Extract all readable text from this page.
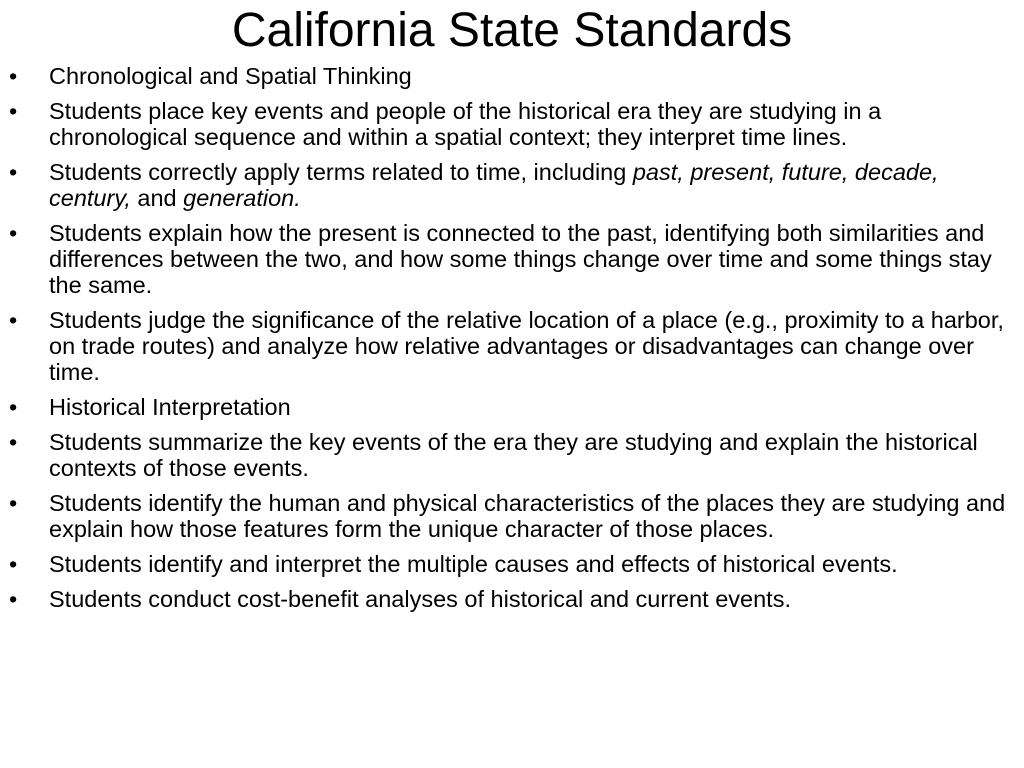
California State Standards
• Chronological and Spatial Thinking
• Students place key events and people of the historical era they are studying in a chronological sequence and within a spatial context; they interpret time lines.
• Students correctly apply terms related to time, including past, present, future, decade, century, and generation.
• Students explain how the present is connected to the past, identifying both similarities and differences between the two, and how some things change over time and some things stay the same.
• Students judge the significance of the relative location of a place (e.g., proximity to a harbor, on trade routes) and analyze how relative advantages or disadvantages can change over time.
• Historical Interpretation
• Students summarize the key events of the era they are studying and explain the historical contexts of those events.
• Students identify the human and physical characteristics of the places they are studying and explain how those features form the unique character of those places.
• Students identify and interpret the multiple causes and effects of historical events.
• Students conduct cost-benefit analyses of historical and current events.
